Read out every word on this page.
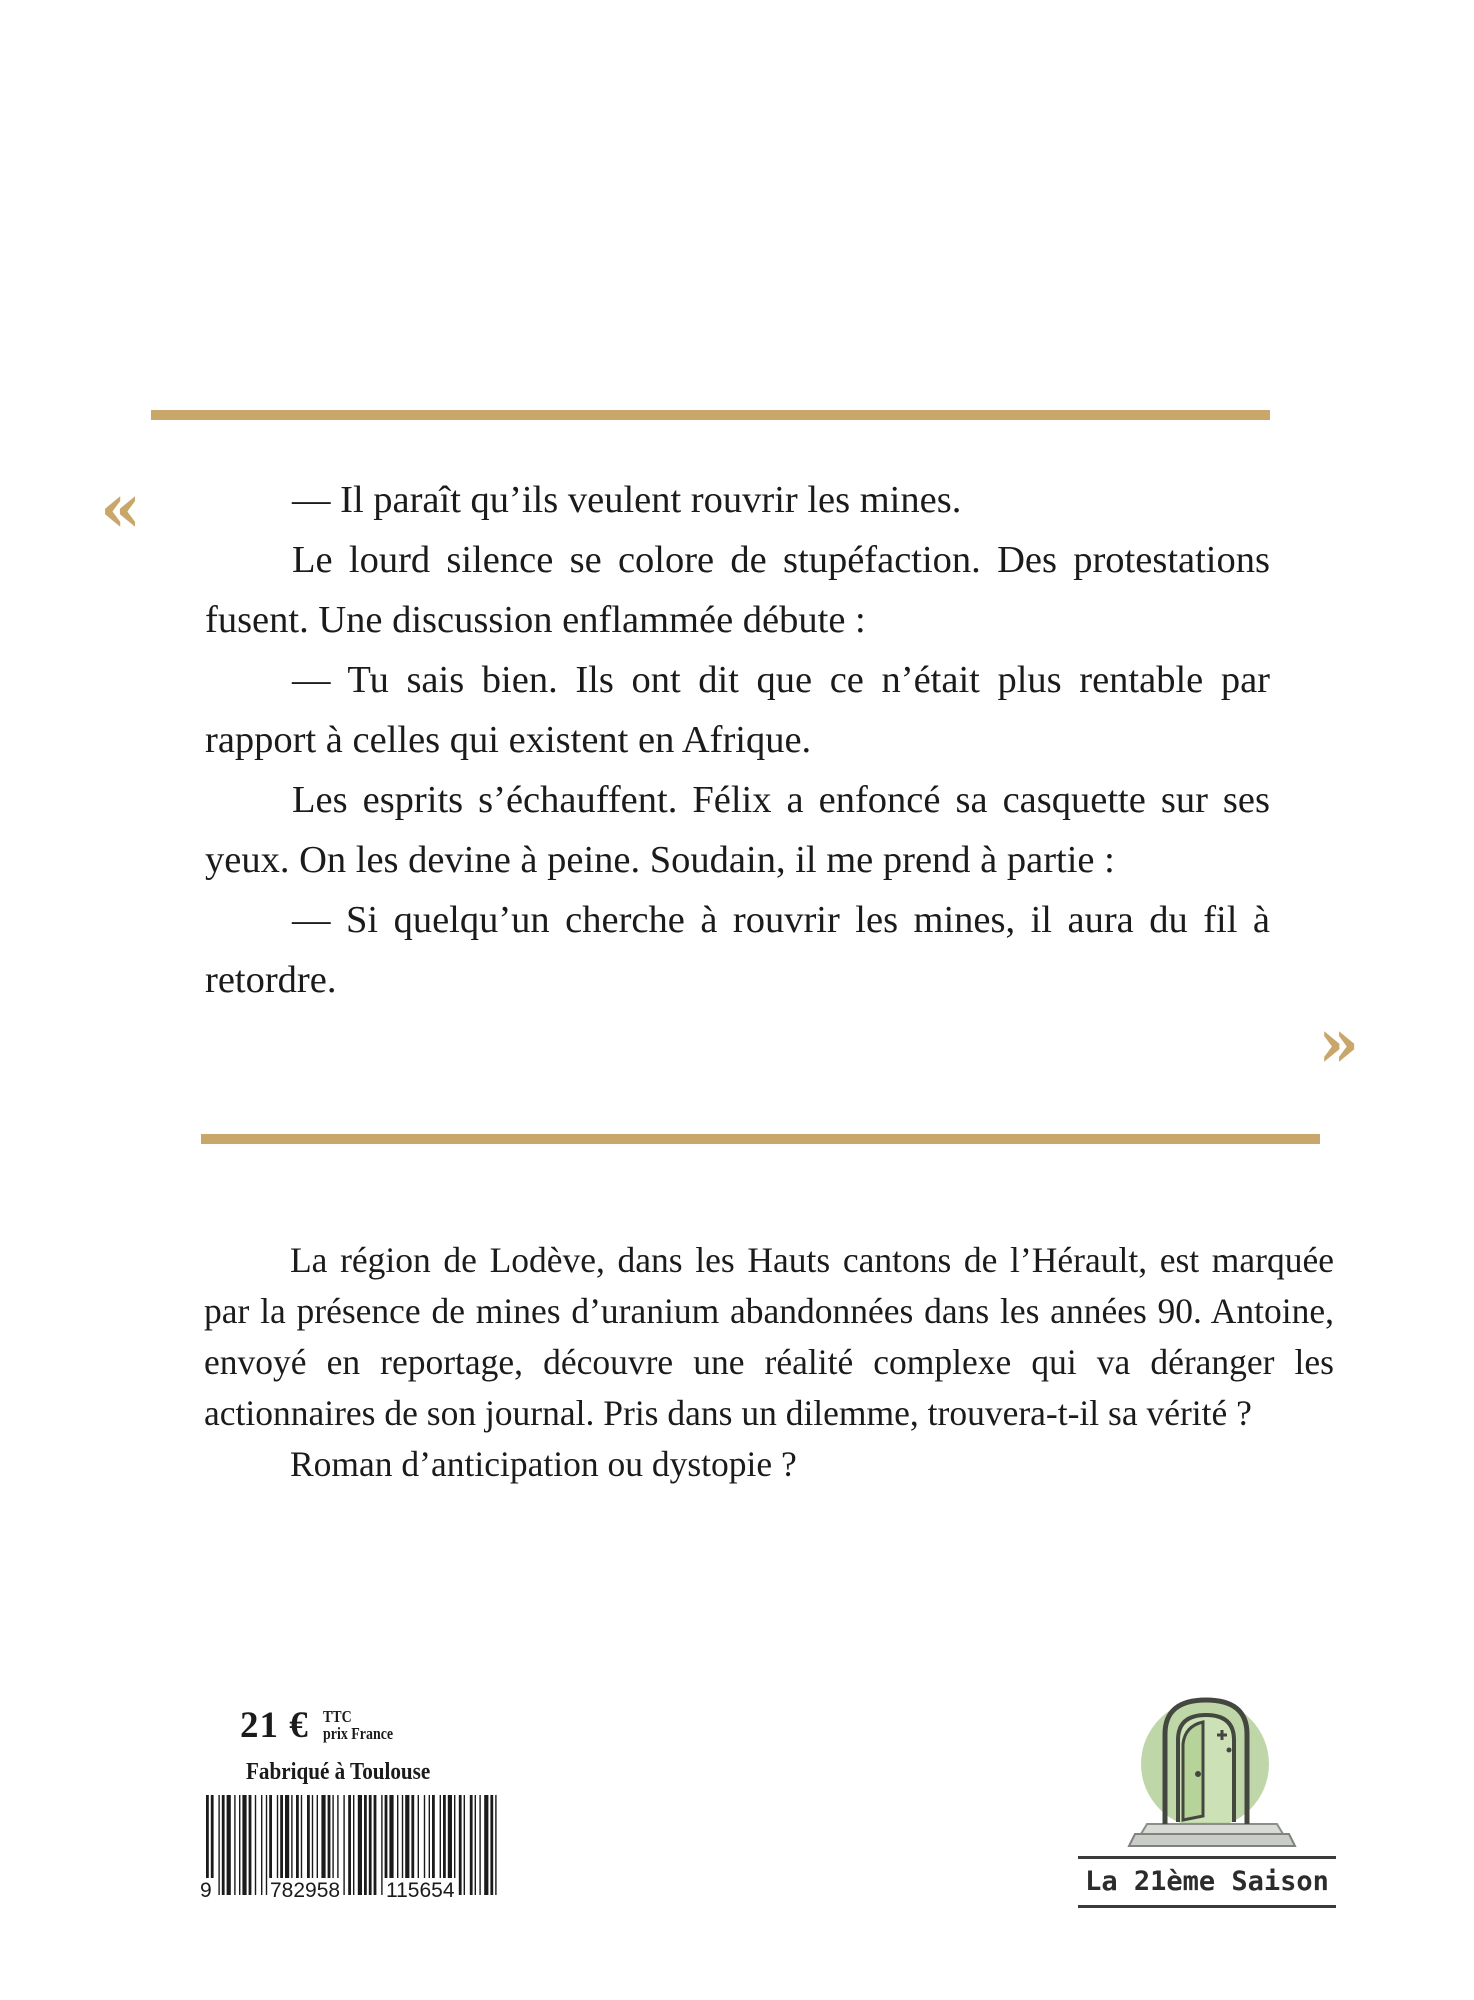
«	— Il paraît qu’ils veulent rouvrir les mines.

Le lourd silence se colore de stupéfaction. Des protestations fusent. Une discussion enflammée débute :

— Tu sais bien. Ils ont dit que ce n’était plus rentable par rapport à celles qui existent en Afrique.

Les esprits s’échauffent. Félix a enfoncé sa casquette sur ses yeux. On les devine à peine. Soudain, il me prend à partie :

— Si quelqu’un cherche à rouvrir les mines, il aura du fil à retordre.

»

La région de Lodève, dans les Hauts cantons de l’Hérault, est marquée par la présence de mines d’uranium abandonnées dans les années 90. Antoine, envoyé en reportage, découvre une réalité complexe qui va déranger les actionnaires de son journal. Pris dans un dilemme, trouvera-t-il sa vérité ?

Roman d’anticipation ou dystopie ?

21 € TTC
prix France
Fabriqué à Toulouse
9	782958 115654	La 21ème Saison
